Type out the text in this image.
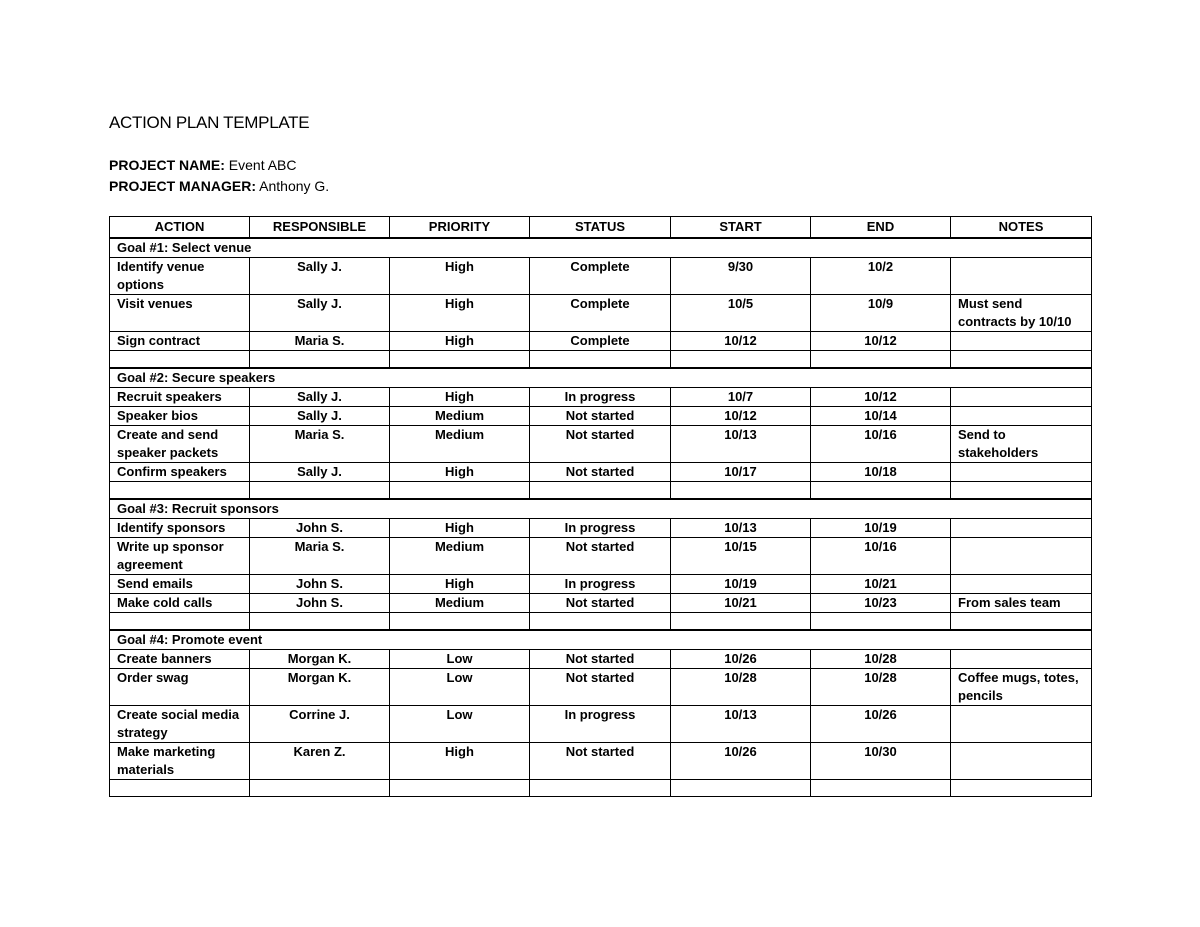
ACTION PLAN TEMPLATE
PROJECT NAME: Event ABC
PROJECT MANAGER: Anthony G.
ACTION	RESPONSIBLE	PRIORITY	STATUS	START	END	NOTES
Goal #1: Select venue						
Identify venue options	Sally J.	High	Complete	9/30	10/2	
Visit venues	Sally J.	High	Complete	10/5	10/9	Must send contracts by 10/10
Sign contract	Maria S.	High	Complete	10/12	10/12	

Goal #2: Secure speakers						
Recruit speakers	Sally J.	High	In progress	10/7	10/12	
Speaker bios	Sally J.	Medium	Not started	10/12	10/14	
Create and send speaker packets	Maria S.	Medium	Not started	10/13	10/16	Send to stakeholders
Confirm speakers	Sally J.	High	Not started	10/17	10/18	

Goal #3: Recruit sponsors						
Identify sponsors	John S.	High	In progress	10/13	10/19	
Write up sponsor agreement	Maria S.	Medium	Not started	10/15	10/16	
Send emails	John S.	High	In progress	10/19	10/21	
Make cold calls	John S.	Medium	Not started	10/21	10/23	From sales team

Goal #4: Promote event						
Create banners	Morgan K.	Low	Not started	10/26	10/28	
Order swag	Morgan K.	Low	Not started	10/28	10/28	Coffee mugs, totes, pencils
Create social media strategy	Corrine J.	Low	In progress	10/13	10/26	
Make marketing materials	Karen Z.	High	Not started	10/26	10/30	
